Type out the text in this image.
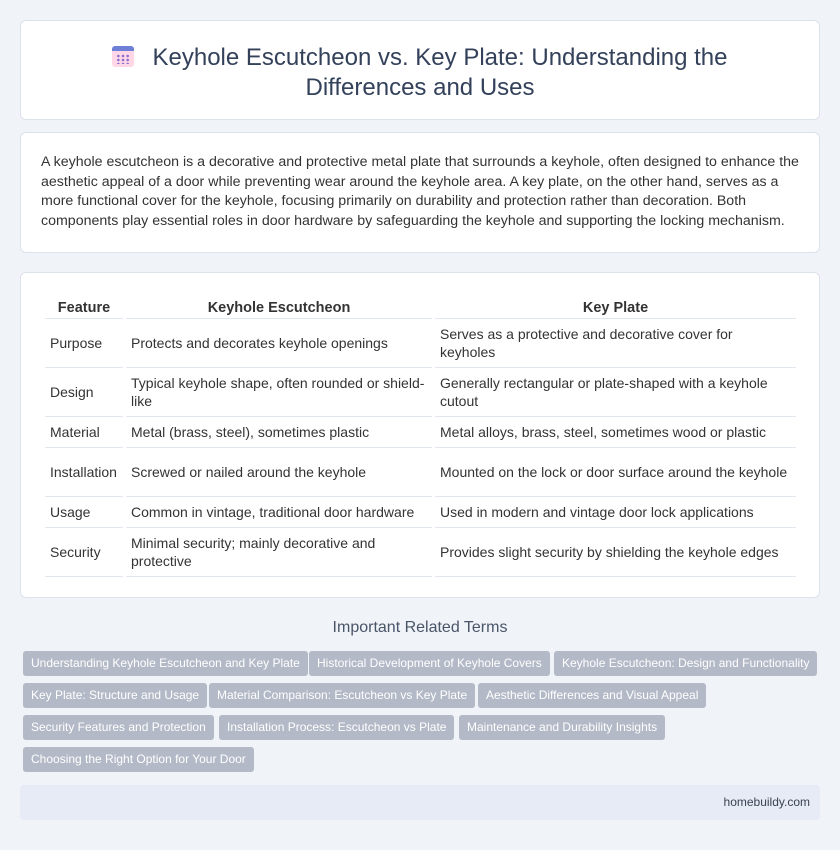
Keyhole Escutcheon vs. Key Plate: Understanding the Differences and Uses

A keyhole escutcheon is a decorative and protective metal plate that surrounds a keyhole, often designed to enhance the aesthetic appeal of a door while preventing wear around the keyhole area. A key plate, on the other hand, serves as a more functional cover for the keyhole, focusing primarily on durability and protection rather than decoration. Both components play essential roles in door hardware by safeguarding the keyhole and supporting the locking mechanism.

Feature	Keyhole Escutcheon	Key Plate
Purpose	Protects and decorates keyhole openings	Serves as a protective and decorative cover for keyholes
Design	Typical keyhole shape, often rounded or shield-like	Generally rectangular or plate-shaped with a keyhole cutout
Material	Metal (brass, steel), sometimes plastic	Metal alloys, brass, steel, sometimes wood or plastic
Installation	Screwed or nailed around the keyhole	Mounted on the lock or door surface around the keyhole
Usage	Common in vintage, traditional door hardware	Used in modern and vintage door lock applications
Security	Minimal security; mainly decorative and protective	Provides slight security by shielding the keyhole edges
Important Related Terms
Understanding Keyhole Escutcheon and Key Plate	Historical Development of Keyhole Covers	Keyhole Escutcheon: Design and Functionality
Key Plate: Structure and Usage	Material Comparison: Escutcheon vs Key Plate	Aesthetic Differences and Visual Appeal
Security Features and Protection	Installation Process: Escutcheon vs Plate	Maintenance and Durability Insights
Choosing the Right Option for Your Door
homebuildy.com
